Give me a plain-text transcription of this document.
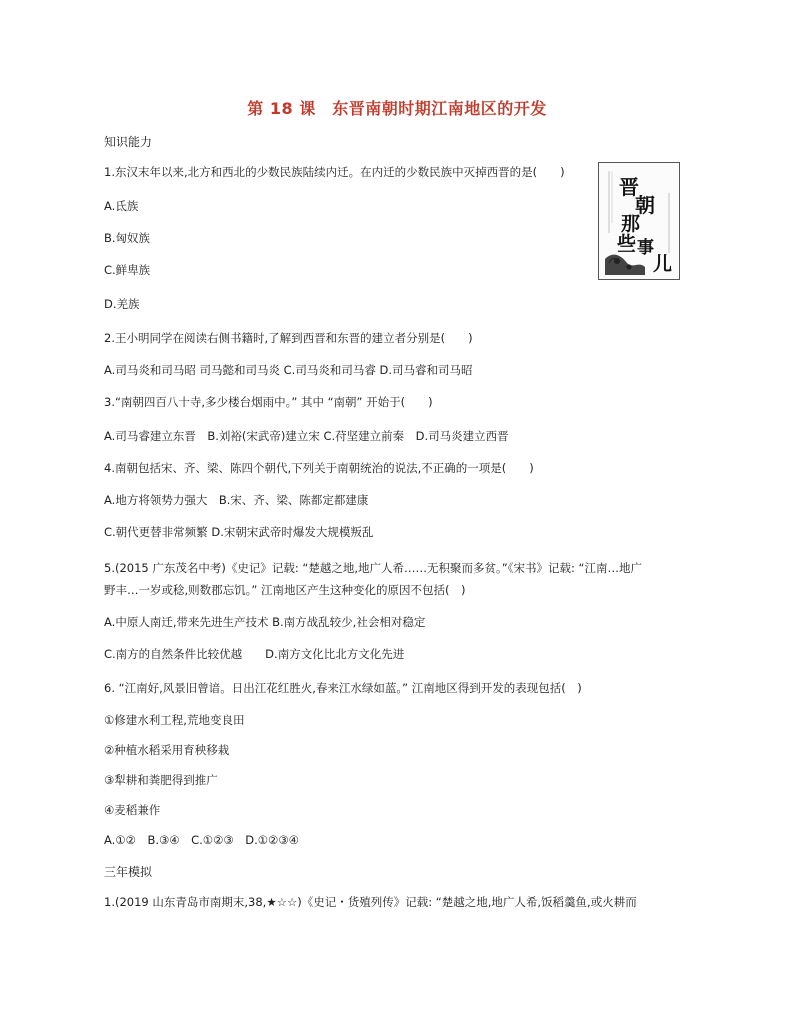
第 18 课　东晋南朝时期江南地区的开发
知识能力
1.东汉末年以来,北方和西北的少数民族陆续内迁。在内迁的少数民族中灭掉西晋的是(　　)
A.氐族
B.匈奴族
C.鲜卑族
D.羌族
晋
朝
那
些 事
儿
2.王小明同学在阅读右侧书籍时,了解到西晋和东晋的建立者分别是(　　)
A.司马炎和司马昭 司马懿和司马炎 C.司马炎和司马睿 D.司马睿和司马昭
3.“南朝四百八十寺,多少楼台烟雨中。” 其中 “南朝” 开始于(　　)
A.司马睿建立东晋　B.刘裕(宋武帝)建立宋 C.苻坚建立前秦　D.司马炎建立西晋
4.南朝包括宋、齐、梁、陈四个朝代,下列关于南朝统治的说法,不正确的一项是(　　)
A.地方将领势力强大　B.宋、齐、梁、陈都定都建康
C.朝代更替非常频繁 D.宋朝宋武帝时爆发大规模叛乱
5.(2015 广东茂名中考)《史记》记载: “楚越之地,地广人希……无积聚而多贫。”《宋书》记载: “江南…地广
野丰…一岁或稔,则数郡忘饥。” 江南地区产生这种变化的原因不包括(　)
A.中原人南迁,带来先进生产技术 B.南方战乱较少,社会相对稳定
C.南方的自然条件比较优越　　D.南方文化比北方文化先进
6. “江南好,风景旧曾谙。日出江花红胜火,春来江水绿如蓝。” 江南地区得到开发的表现包括(　)
①修建水利工程,荒地变良田
②种植水稻采用育秧移栽
③犁耕和粪肥得到推广
④麦稻兼作
A.①②　B.③④　C.①②③　D.①②③④
三年模拟
1.(2019 山东青岛市南期末,38,★☆☆)《史记・货殖列传》记载: “楚越之地,地广人希,饭稻羹鱼,或火耕而
